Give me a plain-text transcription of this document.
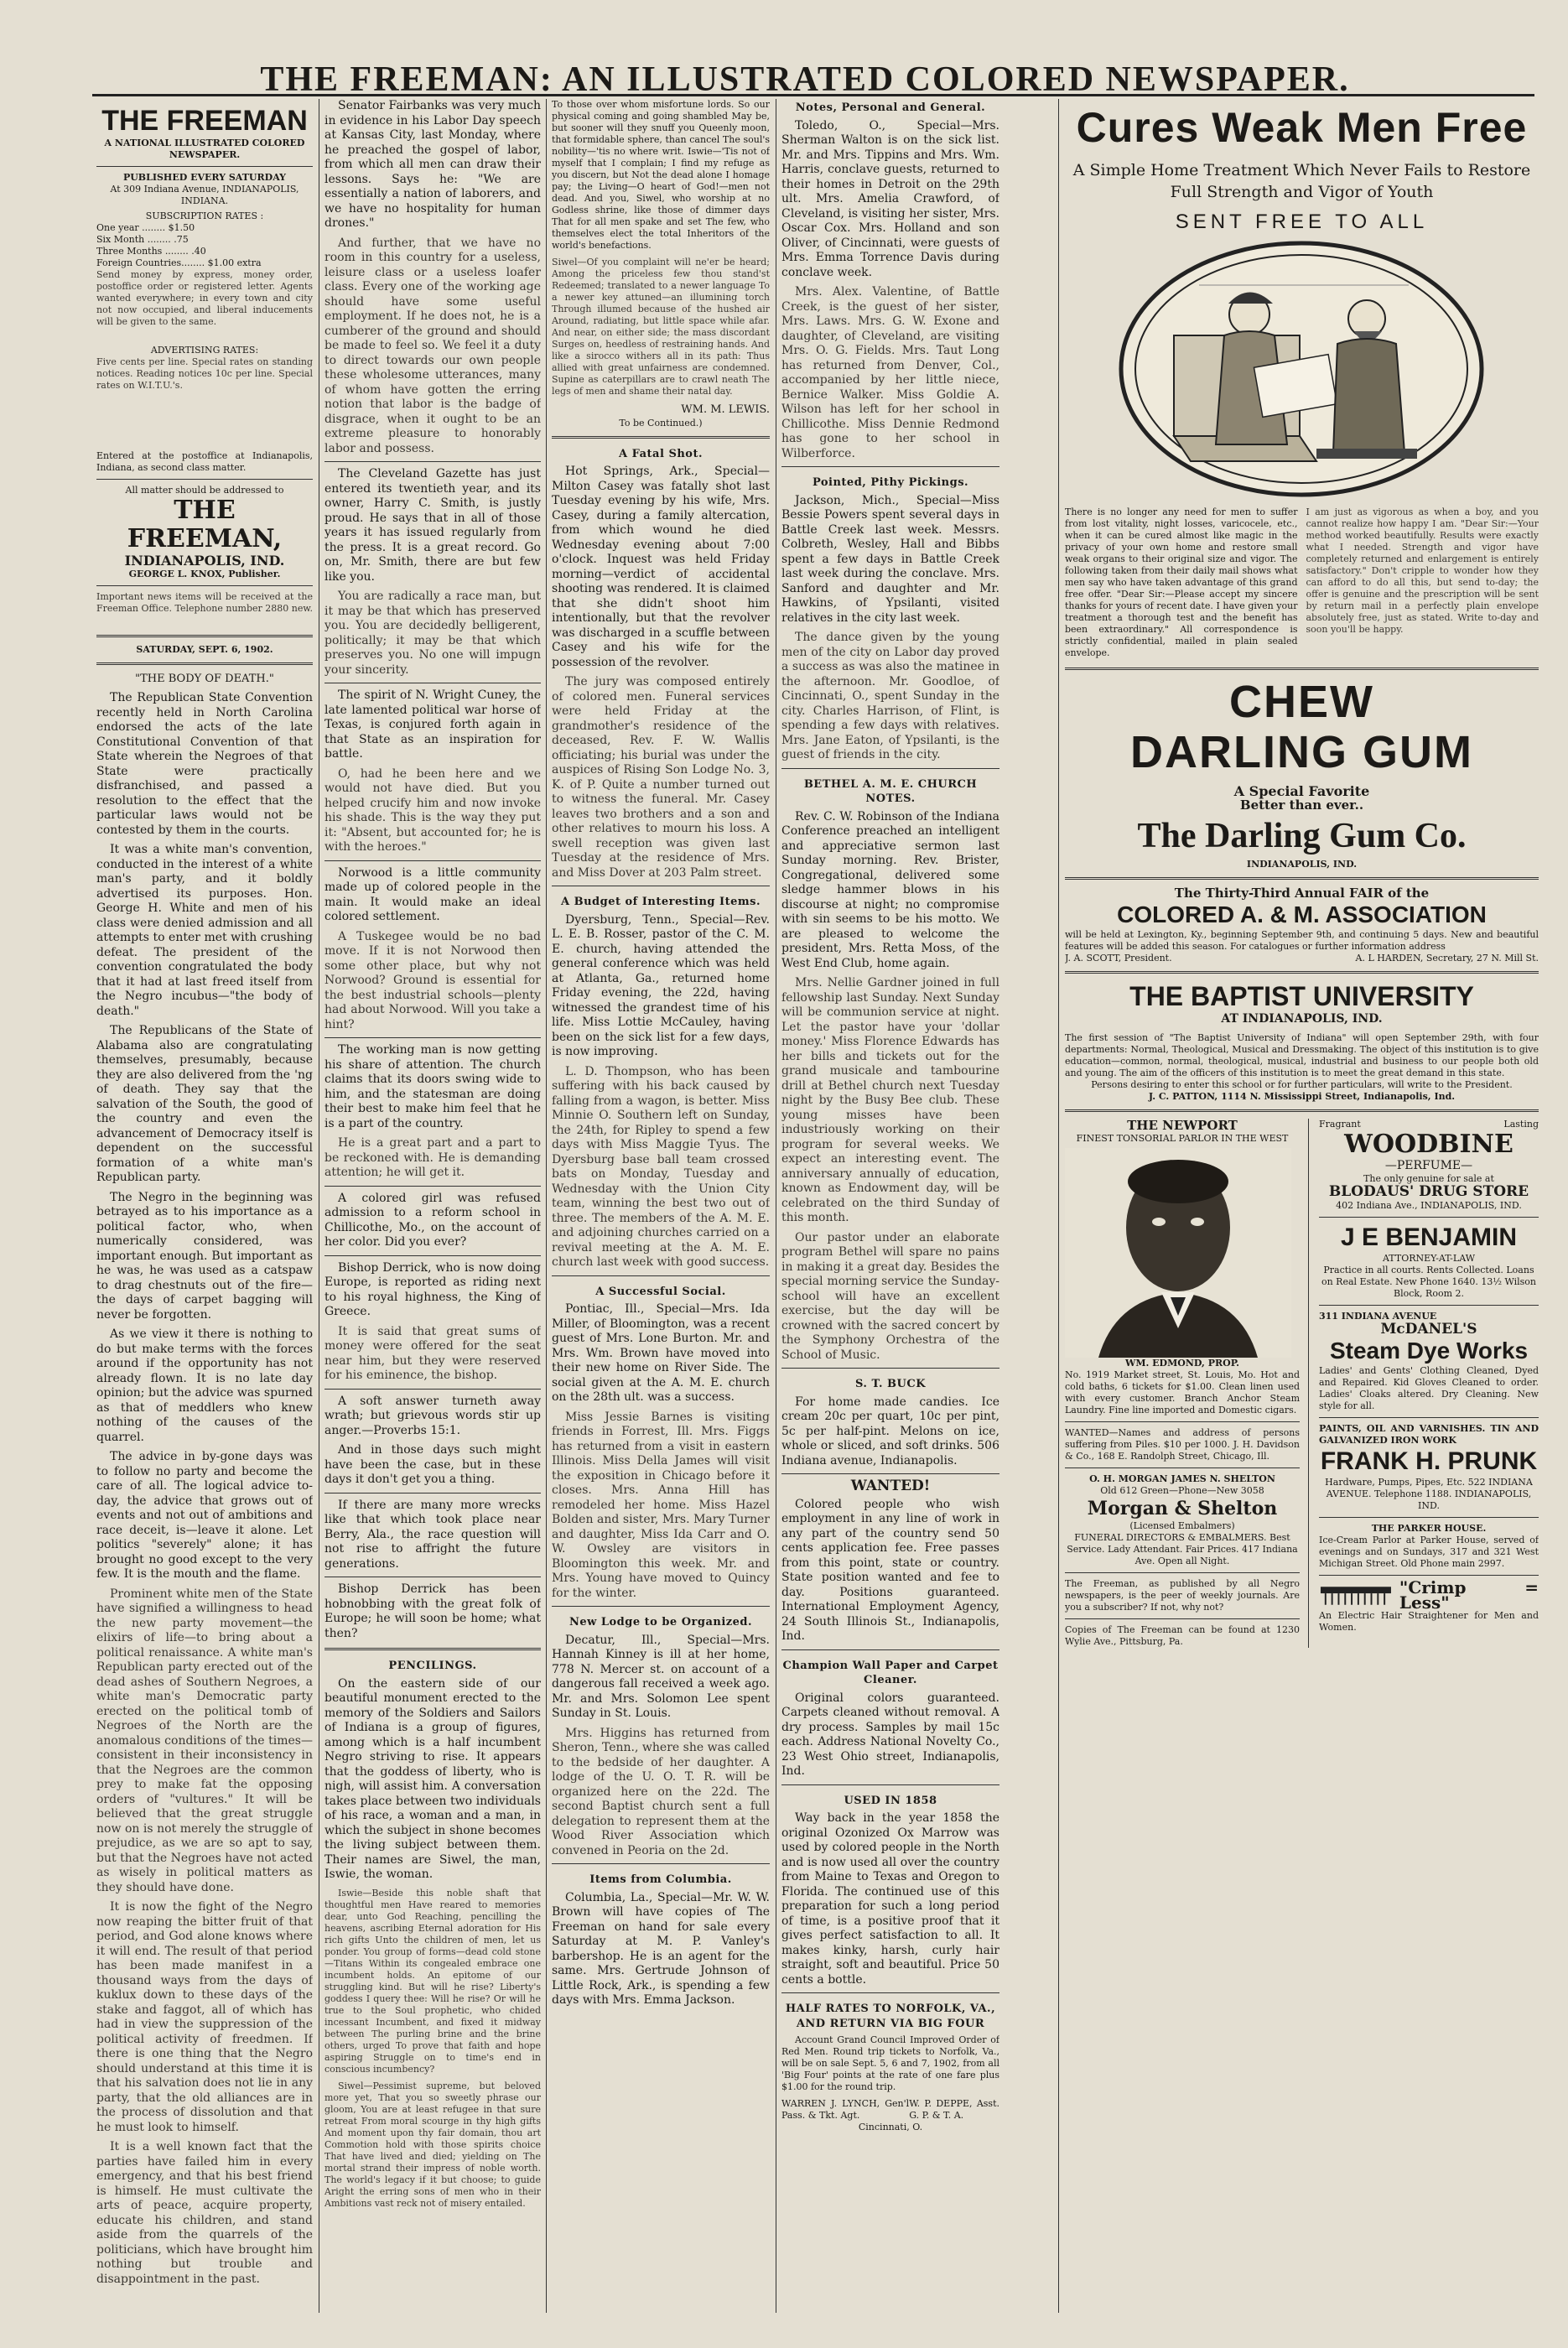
THE FREEMAN: AN ILLUSTRATED COLORED NEWSPAPER.
THE FREEMAN
A NATIONAL ILLUSTRATED COLORED NEWSPAPER.
PUBLISHED EVERY SATURDAY
At 309 Indiana Avenue, INDIANAPOLIS, INDIANA.
SUBSCRIPTION RATES :
One year ........ $1.50
Six Month ........ .75
Three Months ........ .40
Foreign Countries........ $1.00 extra
Send money by express, money order, postoffice order or registered letter. Agents wanted everywhere; in every town and city not now occupied, and liberal inducements will be given to the same.
ADVERTISING RATES:
Five cents per line. Special rates on standing notices. Reading notices 10c per line. Special rates on W.I.T.U.'s.
Entered at the postoffice at Indianapolis, Indiana, as second class matter.
All matter should be addressed to
THE FREEMAN,
INDIANAPOLIS, IND.
GEORGE L. KNOX, Publisher.
Important news items will be received at the Freeman Office. Telephone number 2880 new.
SATURDAY, SEPT. 6, 1902.
"THE BODY OF DEATH."

The Republican State Convention recently held in North Carolina endorsed the acts of the late Constitutional Convention of that State wherein the Negroes of that State were practically disfranchised, and passed a resolution to the effect that the particular laws would not be contested by them in the courts.

It was a white man's convention, conducted in the interest of a white man's party, and it boldly advertised its purposes. Hon. George H. White and men of his class were denied admission and all attempts to enter met with crushing defeat. The president of the convention congratulated the body that it had at last freed itself from the Negro incubus—"the body of death."

The Republicans of the State of Alabama also are congratulating themselves, presumably, because they are also delivered from the 'ng of death. They say that the salvation of the South, the good of the country and even the advancement of Democracy itself is dependent on the successful formation of a white man's Republican party.

The Negro in the beginning was betrayed as to his importance as a political factor, who, when numerically considered, was important enough. But important as he was, he was used as a catspaw to drag chestnuts out of the fire—the days of carpet bagging will never be forgotten.

As we view it there is nothing to do but make terms with the forces around if the opportunity has not already flown. It is no late day opinion; but the advice was spurned as that of meddlers who knew nothing of the causes of the quarrel.

The advice in by-gone days was to follow no party and become the care of all. The logical advice to-day, the advice that grows out of events and not out of ambitions and race deceit, is—leave it alone. Let politics "severely" alone; it has brought no good except to the very few. It is the mouth and the flame.

Prominent white men of the State have signified a willingness to head the new party movement—the elixirs of life—to bring about a political renaissance. A white man's Republican party erected out of the dead ashes of Southern Negroes, a white man's Democratic party erected on the political tomb of Negroes of the North are the anomalous conditions of the times—consistent in their inconsistency in that the Negroes are the common prey to make fat the opposing orders of "vultures." It will be believed that the great struggle now on is not merely the struggle of prejudice, as we are so apt to say, but that the Negroes have not acted as wisely in political matters as they should have done.

It is now the fight of the Negro now reaping the bitter fruit of that period, and God alone knows where it will end. The result of that period has been made manifest in a thousand ways from the days of kuklux down to these days of the stake and faggot, all of which has had in view the suppression of the political activity of freedmen. If there is one thing that the Negro should understand at this time it is that his salvation does not lie in any party, that the old alliances are in the process of dissolution and that he must look to himself.

It is a well known fact that the parties have failed him in every emergency, and that his best friend is himself. He must cultivate the arts of peace, acquire property, educate his children, and stand aside from the quarrels of the politicians, which have brought him nothing but trouble and disappointment in the past.

Senator Fairbanks was very much in evidence in his Labor Day speech at Kansas City, last Monday, where he preached the gospel of labor, from which all men can draw their lessons. Says he: "We are essentially a nation of laborers, and we have no hospitality for human drones."

And further, that we have no room in this country for a useless, leisure class or a useless loafer class. Every one of the working age should have some useful employment. If he does not, he is a cumberer of the ground and should be made to feel so. We feel it a duty to direct towards our own people these wholesome utterances, many of whom have gotten the erring notion that labor is the badge of disgrace, when it ought to be an extreme pleasure to honorably labor and possess.

The Cleveland Gazette has just entered its twentieth year, and its owner, Harry C. Smith, is justly proud. He says that in all of those years it has issued regularly from the press. It is a great record. Go on, Mr. Smith, there are but few like you.

You are radically a race man, but it may be that which has preserved you. You are decidedly belligerent, politically; it may be that which preserves you. No one will impugn your sincerity.

The spirit of N. Wright Cuney, the late lamented political war horse of Texas, is conjured forth again in that State as an inspiration for battle.

O, had he been here and we would not have died. But you helped crucify him and now invoke his shade. This is the way they put it: "Absent, but accounted for; he is with the heroes."

Norwood is a little community made up of colored people in the main. It would make an ideal colored settlement.

A Tuskegee would be no bad move. If it is not Norwood then some other place, but why not Norwood? Ground is essential for the best industrial schools—plenty had about Norwood. Will you take a hint?

The working man is now getting his share of attention. The church claims that its doors swing wide to him, and the statesman are doing their best to make him feel that he is a part of the country.

He is a great part and a part to be reckoned with. He is demanding attention; he will get it.

A colored girl was refused admission to a reform school in Chillicothe, Mo., on the account of her color. Did you ever?

Bishop Derrick, who is now doing Europe, is reported as riding next to his royal highness, the King of Greece.

It is said that great sums of money were offered for the seat near him, but they were reserved for his eminence, the bishop.

A soft answer turneth away wrath; but grievous words stir up anger.—Proverbs 15:1.

And in those days such might have been the case, but in these days it don't get you a thing.

If there are many more wrecks like that which took place near Berry, Ala., the race question will not rise to affright the future generations.

Bishop Derrick has been hobnobbing with the great folk of Europe; he will soon be home; what then?

PENCILINGS.

On the eastern side of our beautiful monument erected to the memory of the Soldiers and Sailors of Indiana is a group of figures, among which is a half incumbent Negro striving to rise. It appears that the goddess of liberty, who is nigh, will assist him. A conversation takes place between two individuals of his race, a woman and a man, in which the subject in shone becomes the living subject between them. Their names are Siwel, the man, Iswie, the woman.

Iswie—Beside this noble shaft that thoughtful men Have reared to memories dear, unto God Reaching, pencilling the heavens, ascribing Eternal adoration for His rich gifts Unto the children of men, let us ponder. You group of forms—dead cold stone—Titans Within its congealed embrace one incumbent holds. An epitome of our struggling kind. But will he rise? Liberty's goddess I query thee: Will he rise? Or will he true to the Soul prophetic, who chided incessant Incumbent, and fixed it midway between The purling brine and the brine others, urged To prove that faith and hope aspiring Struggle on to time's end in conscious incumbency?

Siwel—Pessimist supreme, but beloved more yet, That you so sweetly phrase our gloom, You are at least refugee in that sure retreat From moral scourge in thy high gifts And moment upon thy fair domain, thou art Commotion hold with those spirits choice That have lived and died; yielding on The mortal strand their impress of noble worth. The world's legacy if it but choose; to guide Aright the erring sons of men who in their Ambitions vast reck not of misery entailed.

To those over whom misfortune lords. So our physical coming and going shambled May be, but sooner will they snuff you Queenly moon, that formidable sphere, than cancel The soul's nobility—'tis no where writ. Iswie—'Tis not of myself that I complain; I find my refuge as you discern, but Not the dead alone I homage pay; the Living—O heart of God!—men not dead. And you, Siwel, who worship at no Godless shrine, like those of dimmer days That for all men spake and set The few, who themselves elect the total Inheritors of the world's benefactions.

Siwel—Of you complaint will ne'er be heard; Among the priceless few thou stand'st Redeemed; translated to a newer language To a newer key attuned—an illumining torch Through illumed because of the hushed air Around, radiating, but little space while afar. And near, on either side; the mass discordant Surges on, heedless of restraining hands. And like a sirocco withers all in its path: Thus allied with great unfairness are condemned. Supine as caterpillars are to crawl neath The legs of men and shame their natal day.

WM. M. LEWIS.
To be Continued.)
A Fatal Shot.

Hot Springs, Ark., Special—Milton Casey was fatally shot last Tuesday evening by his wife, Mrs. Casey, during a family altercation, from which wound he died Wednesday evening about 7:00 o'clock. Inquest was held Friday morning—verdict of accidental shooting was rendered. It is claimed that she didn't shoot him intentionally, but that the revolver was discharged in a scuffle between Casey and his wife for the possession of the revolver.

The jury was composed entirely of colored men. Funeral services were held Friday at the grandmother's residence of the deceased, Rev. F. W. Wallis officiating; his burial was under the auspices of Rising Son Lodge No. 3, K. of P. Quite a number turned out to witness the funeral. Mr. Casey leaves two brothers and a son and other relatives to mourn his loss. A swell reception was given last Tuesday at the residence of Mrs. and Miss Dover at 203 Palm street.

A Budget of Interesting Items.

Dyersburg, Tenn., Special—Rev. L. E. B. Rosser, pastor of the C. M. E. church, having attended the general conference which was held at Atlanta, Ga., returned home Friday evening, the 22d, having witnessed the grandest time of his life. Miss Lottie McCauley, having been on the sick list for a few days, is now improving.

L. D. Thompson, who has been suffering with his back caused by falling from a wagon, is better. Miss Minnie O. Southern left on Sunday, the 24th, for Ripley to spend a few days with Miss Maggie Tyus. The Dyersburg base ball team crossed bats on Monday, Tuesday and Wednesday with the Union City team, winning the best two out of three. The members of the A. M. E. and adjoining churches carried on a revival meeting at the A. M. E. church last week with good success.

A Successful Social.

Pontiac, Ill., Special—Mrs. Ida Miller, of Bloomington, was a recent guest of Mrs. Lone Burton. Mr. and Mrs. Wm. Brown have moved into their new home on River Side. The social given at the A. M. E. church on the 28th ult. was a success.

Miss Jessie Barnes is visiting friends in Forrest, Ill. Mrs. Figgs has returned from a visit in eastern Illinois. Miss Della James will visit the exposition in Chicago before it closes. Mrs. Anna Hill has remodeled her home. Miss Hazel Bolden and sister, Mrs. Mary Turner and daughter, Miss Ida Carr and O. W. Owsley are visitors in Bloomington this week. Mr. and Mrs. Young have moved to Quincy for the winter.

New Lodge to be Organized.

Decatur, Ill., Special—Mrs. Hannah Kinney is ill at her home, 778 N. Mercer st. on account of a dangerous fall received a week ago. Mr. and Mrs. Solomon Lee spent Sunday in St. Louis.

Mrs. Higgins has returned from Sheron, Tenn., where she was called to the bedside of her daughter. A lodge of the U. O. T. R. will be organized here on the 22d. The second Baptist church sent a full delegation to represent them at the Wood River Association which convened in Peoria on the 2d.

Items from Columbia.

Columbia, La., Special—Mr. W. W. Brown will have copies of The Freeman on hand for sale every Saturday at M. P. Vanley's barbershop. He is an agent for the same. Mrs. Gertrude Johnson of Little Rock, Ark., is spending a few days with Mrs. Emma Jackson.

Notes, Personal and General.

Toledo, O., Special—Mrs. Sherman Walton is on the sick list. Mr. and Mrs. Tippins and Mrs. Wm. Harris, conclave guests, returned to their homes in Detroit on the 29th ult. Mrs. Amelia Crawford, of Cleveland, is visiting her sister, Mrs. Oscar Cox. Mrs. Holland and son Oliver, of Cincinnati, were guests of Mrs. Emma Torrence Davis during conclave week.

Mrs. Alex. Valentine, of Battle Creek, is the guest of her sister, Mrs. Laws. Mrs. G. W. Exone and daughter, of Cleveland, are visiting Mrs. O. G. Fields. Mrs. Taut Long has returned from Denver, Col., accompanied by her little niece, Bernice Walker. Miss Goldie A. Wilson has left for her school in Chillicothe. Miss Dennie Redmond has gone to her school in Wilberforce.

Pointed, Pithy Pickings.

Jackson, Mich., Special—Miss Bessie Powers spent several days in Battle Creek last week. Messrs. Colbreth, Wesley, Hall and Bibbs spent a few days in Battle Creek last week during the conclave. Mrs. Sanford and daughter and Mr. Hawkins, of Ypsilanti, visited relatives in the city last week.

The dance given by the young men of the city on Labor day proved a success as was also the matinee in the afternoon. Mr. Goodloe, of Cincinnati, O., spent Sunday in the city. Charles Harrison, of Flint, is spending a few days with relatives. Mrs. Jane Eaton, of Ypsilanti, is the guest of friends in the city.

BETHEL A. M. E. CHURCH NOTES.

Rev. C. W. Robinson of the Indiana Conference preached an intelligent and appreciative sermon last Sunday morning. Rev. Brister, Congregational, delivered some sledge hammer blows in his discourse at night; no compromise with sin seems to be his motto. We are pleased to welcome the president, Mrs. Retta Moss, of the West End Club, home again.

Mrs. Nellie Gardner joined in full fellowship last Sunday. Next Sunday will be communion service at night. Let the pastor have your 'dollar money.' Miss Florence Edwards has her bills and tickets out for the grand musicale and tambourine drill at Bethel church next Tuesday night by the Busy Bee club. These young misses have been industriously working on their program for several weeks. We expect an interesting event. The anniversary annually of education, known as Endowment day, will be celebrated on the third Sunday of this month.

Our pastor under an elaborate program Bethel will spare no pains in making it a great day. Besides the special morning service the Sunday-school will have an excellent exercise, but the day will be crowned with the sacred concert by the Symphony Orchestra of the School of Music.

S. T. BUCK

For home made candies. Ice cream 20c per quart, 10c per pint, 5c per half-pint. Melons on ice, whole or sliced, and soft drinks. 506 Indiana avenue, Indianapolis.

WANTED!

Colored people who wish employment in any line of work in any part of the country send 50 cents application fee. Free passes from this point, state or country. State position wanted and fee to day. Positions guaranteed. International Employment Agency, 24 South Illinois St., Indianapolis, Ind.

Champion Wall Paper and Carpet Cleaner.

Original colors guaranteed. Carpets cleaned without removal. A dry process. Samples by mail 15c each. Address National Novelty Co., 23 West Ohio street, Indianapolis, Ind.

USED IN 1858

Way back in the year 1858 the original Ozonized Ox Marrow was used by colored people in the North and is now used all over the country from Maine to Texas and Oregon to Florida. The continued use of this preparation for such a long period of time, is a positive proof that it gives perfect satisfaction to all. It makes kinky, harsh, curly hair straight, soft and beautiful. Price 50 cents a bottle.

HALF RATES TO NORFOLK, VA., AND RETURN VIA BIG FOUR

Account Grand Council Improved Order of Red Men. Round trip tickets to Norfolk, Va., will be on sale Sept. 5, 6 and 7, 1902, from all 'Big Four' points at the rate of one fare plus $1.00 for the round trip.

WARREN J. LYNCH, Gen'l Pass. & Tkt. Agt.
W. P. DEPPE, Asst. G. P. & T. A.
Cincinnati, O.
Cures Weak Men Free
A Simple Home Treatment Which Never Fails to Restore Full Strength and Vigor of Youth
SENT FREE TO ALL

There is no longer any need for men to suffer from lost vitality, night losses, varicocele, etc., when it can be cured almost like magic in the privacy of your own home and restore small weak organs to their original size and vigor. The following taken from their daily mail shows what men say who have taken advantage of this grand free offer. "Dear Sir:—Please accept my sincere thanks for yours of recent date. I have given your treatment a thorough test and the benefit has been extraordinary." All correspondence is strictly confidential, mailed in plain sealed envelope.

I am just as vigorous as when a boy, and you cannot realize how happy I am. "Dear Sir:—Your method worked beautifully. Results were exactly what I needed. Strength and vigor have completely returned and enlargement is entirely satisfactory." Don't cripple to wonder how they can afford to do all this, but send to-day; the offer is genuine and the prescription will be sent by return mail in a perfectly plain envelope absolutely free, just as stated. Write to-day and soon you'll be happy.

CHEW
DARLING GUM
A Special Favorite
Better than ever..
The Darling Gum Co.
INDIANAPOLIS, IND.
The Thirty-Third Annual FAIR of the
COLORED A. & M. ASSOCIATION
will be held at Lexington, Ky., beginning September 9th, and continuing 5 days. New and beautiful features will be added this season. For catalogues or further information address
J. A. SCOTT, President.	A. L HARDEN, Secretary, 27 N. Mill St.
THE BAPTIST UNIVERSITY
AT INDIANAPOLIS, IND.
The first session of "The Baptist University of Indiana" will open September 29th, with four departments: Normal, Theological, Musical and Dressmaking. The object of this institution is to give education—common, normal, theological, musical, industrial and business to our people both old and young. The aim of the officers of this institution is to meet the great demand in this state.
Persons desiring to enter this school or for further particulars, will write to the President.
J. C. PATTON, 1114 N. Mississippi Street, Indianapolis, Ind.
THE NEWPORT
FINEST TONSORIAL PARLOR IN THE WEST
WM. EDMOND, PROP.
No. 1919 Market street, St. Louis, Mo. Hot and cold baths, 6 tickets for $1.00. Clean linen used with every customer. Branch Anchor Steam Laundry. Fine line imported and Domestic cigars.
WANTED—Names and address of persons suffering from Piles. $10 per 1000. J. H. Davidson & Co., 168 E. Randolph Street, Chicago, Ill.
O. H. MORGAN JAMES N. SHELTON
Old 612 Green—Phone—New 3058
Morgan & Shelton
(Licensed Embalmers)
FUNERAL DIRECTORS & EMBALMERS. Best Service. Lady Attendant. Fair Prices. 417 Indiana Ave. Open all Night.
The Freeman, as published by all Negro newspapers, is the peer of weekly journals. Are you a subscriber? If not, why not?
Copies of The Freeman can be found at 1230 Wylie Ave., Pittsburg, Pa.
Fragrant	Lasting
WOODBINE
—PERFUME—
The only genuine for sale at
BLODAUS' DRUG STORE
402 Indiana Ave., INDIANAPOLIS, IND.
J E BENJAMIN
ATTORNEY-AT-LAW
Practice in all courts. Rents Collected. Loans on Real Estate. New Phone 1640. 13½ Wilson Block, Room 2.
311 INDIANA AVENUE
McDANEL'S
Steam Dye Works
Ladies' and Gents' Clothing Cleaned, Dyed and Repaired. Kid Gloves Cleaned to order. Ladies' Cloaks altered. Dry Cleaning. New style for all.
PAINTS, OIL AND VARNISHES. TIN AND GALVANIZED IRON WORK
FRANK H. PRUNK
Hardware, Pumps, Pipes, Etc. 522 INDIANA AVENUE. Telephone 1188. INDIANAPOLIS, IND.
THE PARKER HOUSE.
Ice-Cream Parlor at Parker House, served of evenings and on Sundays, 317 and 321 West Michigan Street. Old Phone main 2997.
"Crimp = Less"
An Electric Hair Straightener for Men and Women.
